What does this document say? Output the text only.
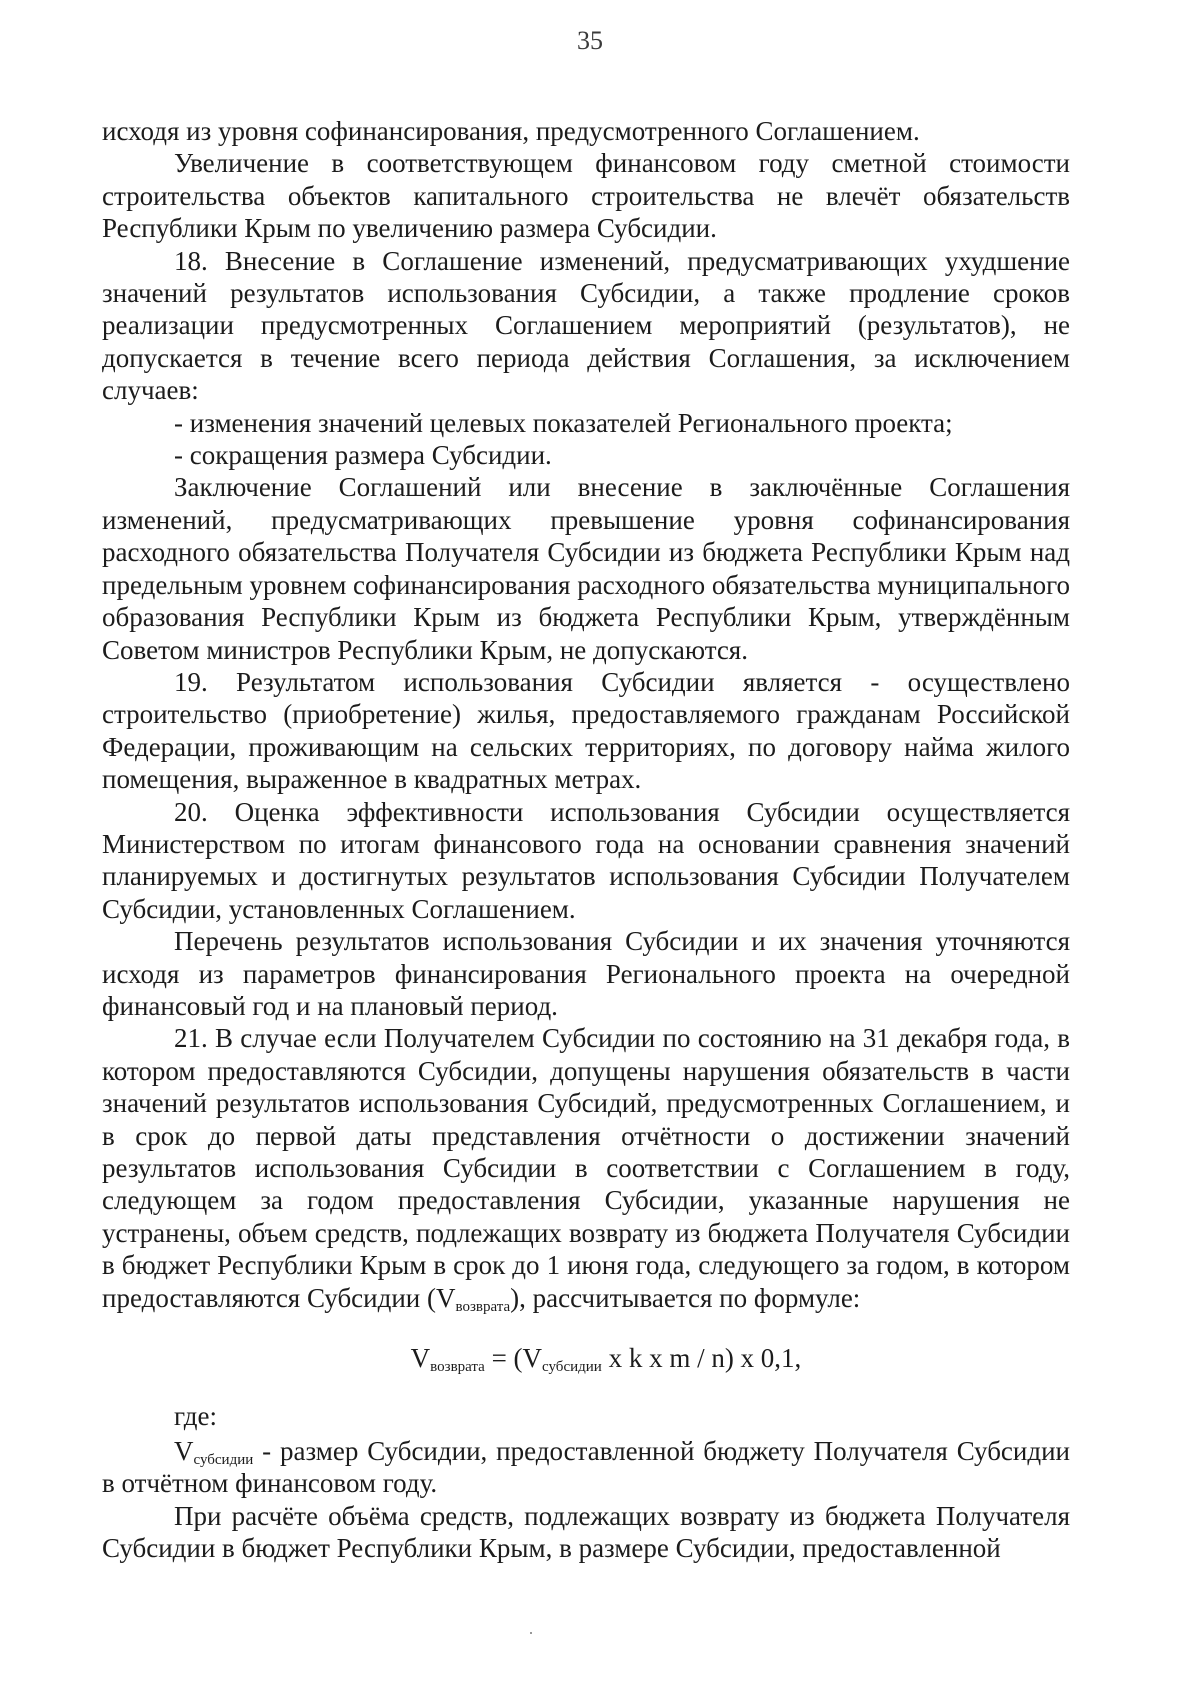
35

исходя из уровня софинансирования, предусмотренного Соглашением.

Увеличение в соответствующем финансовом году сметной стоимости строительства объектов капитального строительства не влечёт обязательств Республики Крым по увеличению размера Субсидии.

18. Внесение в Соглашение изменений, предусматривающих ухудшение значений результатов использования Субсидии, а также продление сроков реализации предусмотренных Соглашением мероприятий (результатов), не допускается в течение всего периода действия Соглашения, за исключением случаев:

- изменения значений целевых показателей Регионального проекта;

- сокращения размера Субсидии.

Заключение Соглашений или внесение в заключённые Соглашения изменений, предусматривающих превышение уровня софинансирования расходного обязательства Получателя Субсидии из бюджета Республики Крым над предельным уровнем софинансирования расходного обязательства муниципального образования Республики Крым из бюджета Республики Крым, утверждённым Советом министров Республики Крым, не допускаются.

19. Результатом использования Субсидии является - осуществлено строительство (приобретение) жилья, предоставляемого гражданам Российской Федерации, проживающим на сельских территориях, по договору найма жилого помещения, выраженное в квадратных метрах.

20. Оценка эффективности использования Субсидии осуществляется Министерством по итогам финансового года на основании сравнения значений планируемых и достигнутых результатов использования Субсидии Получателем Субсидии, установленных Соглашением.

Перечень результатов использования Субсидии и их значения уточняются исходя из параметров финансирования Регионального проекта на очередной финансовый год и на плановый период.

21. В случае если Получателем Субсидии по состоянию на 31 декабря года, в котором предоставляются Субсидии, допущены нарушения обязательств в части значений результатов использования Субсидий, предусмотренных Соглашением, и в срок до первой даты представления отчётности о достижении значений результатов использования Субсидии в соответствии с Соглашением в году, следующем за годом предоставления Субсидии, указанные нарушения не устранены, объем средств, подлежащих возврату из бюджета Получателя Субсидии в бюджет Республики Крым в срок до 1 июня года, следующего за годом, в котором предоставляются Субсидии $(V_{возврата})$, рассчитывается по формуле:

$V_{возврата} = (V_{субсидии}$ x k x m / n) x 0,1,

где:

$V_{субсидии}$ - размер Субсидии, предоставленной бюджету Получателя Субсидии в отчётном финансовом году.

При расчёте объёма средств, подлежащих возврату из бюджета Получателя Субсидии в бюджет Республики Крым, в размере Субсидии, предоставленной
